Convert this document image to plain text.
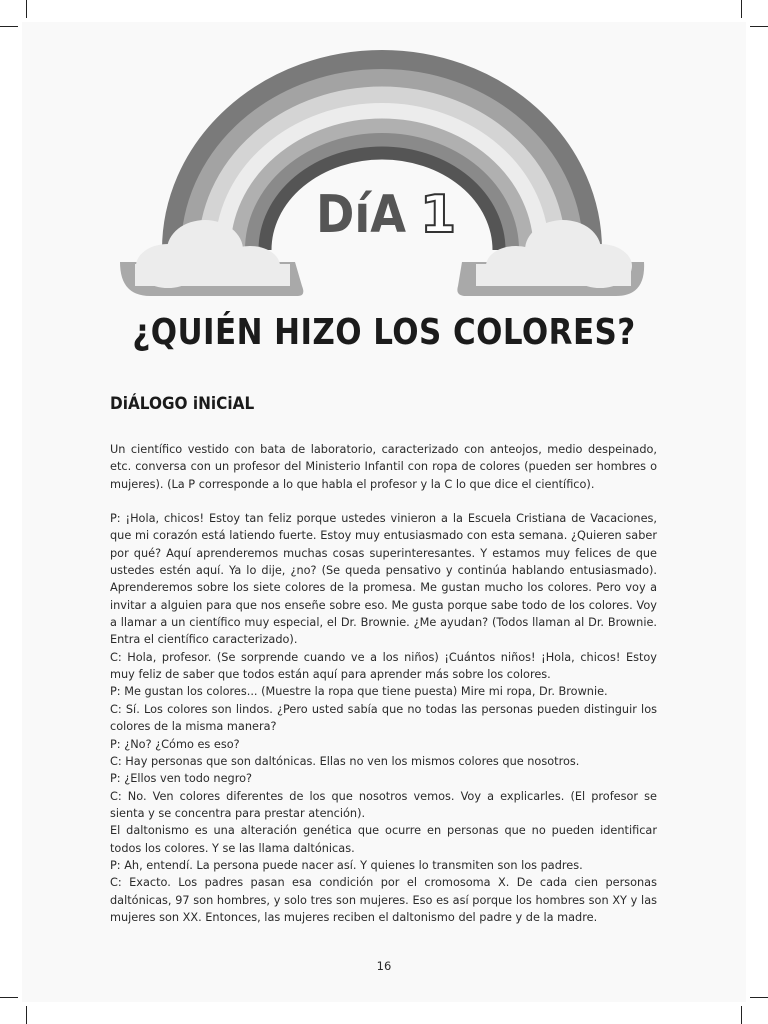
DíA 1
¿QUIÉN HIZO LOS COLORES?
DiÁLOGO iNiCiAL

Un científico vestido con bata de laboratorio, caracterizado con anteojos, medio despeinado, etc. conversa con un profesor del Ministerio Infantil con ropa de colores (pueden ser hombres o mujeres). (La P corresponde a lo que habla el profesor y la C lo que dice el científico).

P: ¡Hola, chicos! Estoy tan feliz porque ustedes vinieron a la Escuela Cristiana de Vacaciones, que mi corazón está latiendo fuerte. Estoy muy entusiasmado con esta semana. ¿Quieren saber por qué? Aquí aprenderemos muchas cosas superinteresantes. Y estamos muy felices de que ustedes estén aquí. Ya lo dije, ¿no? (Se queda pensativo y continúa hablando entusiasmado). Aprenderemos sobre los siete colores de la promesa. Me gustan mucho los colores. Pero voy a invitar a alguien para que nos enseñe sobre eso. Me gusta porque sabe todo de los colores. Voy a llamar a un científico muy especial, el Dr. Brownie. ¿Me ayudan? (Todos llaman al Dr. Brownie. Entra el científico caracterizado).

C: Hola, profesor. (Se sorprende cuando ve a los niños) ¡Cuántos niños! ¡Hola, chicos! Estoy muy feliz de saber que todos están aquí para aprender más sobre los colores.

P: Me gustan los colores... (Muestre la ropa que tiene puesta) Mire mi ropa, Dr. Brownie.

C: Sí. Los colores son lindos. ¿Pero usted sabía que no todas las personas pueden distinguir los colores de la misma manera?

P: ¿No? ¿Cómo es eso?

C: Hay personas que son daltónicas. Ellas no ven los mismos colores que nosotros.

P: ¿Ellos ven todo negro?

C: No. Ven colores diferentes de los que nosotros vemos. Voy a explicarles. (El profesor se sienta y se concentra para prestar atención).

El daltonismo es una alteración genética que ocurre en personas que no pueden identificar todos los colores. Y se las llama daltónicas.

P: Ah, entendí. La persona puede nacer así. Y quienes lo transmiten son los padres.

C: Exacto. Los padres pasan esa condición por el cromosoma X. De cada cien personas daltónicas, 97 son hombres, y solo tres son mujeres. Eso es así porque los hombres son XY y las mujeres son XX. Entonces, las mujeres reciben el daltonismo del padre y de la madre.

16
